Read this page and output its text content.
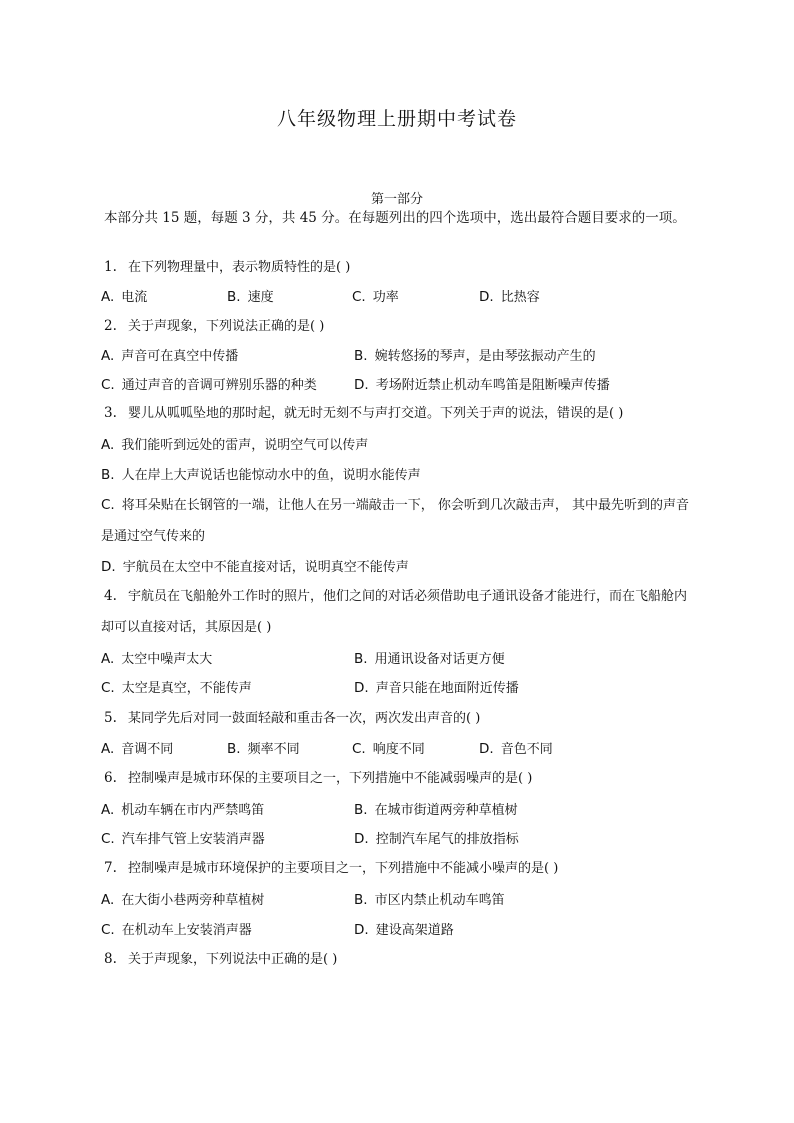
八年级物理上册期中考试卷
第一部分
本部分共 15 题，每题 3 分，共 45 分。在每题列出的四个选项中，选出最符合题目要求的一项。
1. 在下列物理量中，表示物质特性的是( )
A. 电流	B. 速度	C. 功率	D. 比热容
2. 关于声现象，下列说法正确的是( )
A. 声音可在真空中传播	B. 婉转悠扬的琴声，是由琴弦振动产生的
C. 通过声音的音调可辨别乐器的种类	D. 考场附近禁止机动车鸣笛是阻断噪声传播
3. 婴儿从呱呱坠地的那时起，就无时无刻不与声打交道。下列关于声的说法，错误的是( )
A. 我们能听到远处的雷声，说明空气可以传声
B. 人在岸上大声说话也能惊动水中的鱼，说明水能传声
C. 将耳朵贴在长钢管的一端，让他人在另一端敲击一下， 你会听到几次敲击声， 其中最先听到的声音
是通过空气传来的
D. 宇航员在太空中不能直接对话，说明真空不能传声
4. 宇航员在飞船舱外工作时的照片，他们之间的对话必须借助电子通讯设备才能进行，而在飞船舱内
却可以直接对话，其原因是( )
A. 太空中噪声太大	B. 用通讯设备对话更方便
C. 太空是真空，不能传声	D. 声音只能在地面附近传播
5. 某同学先后对同一鼓面轻敲和重击各一次，两次发出声音的( )
A. 音调不同	B. 频率不同	C. 响度不同	D. 音色不同
6. 控制噪声是城市环保的主要项目之一，下列措施中不能减弱噪声的是( )
A. 机动车辆在市内严禁鸣笛	B. 在城市街道两旁种草植树
C. 汽车排气管上安装消声器	D. 控制汽车尾气的排放指标
7. 控制噪声是城市环境保护的主要项目之一，下列措施中不能减小噪声的是( )
A. 在大街小巷两旁种草植树	B. 市区内禁止机动车鸣笛
C. 在机动车上安装消声器	D. 建设高架道路
8. 关于声现象，下列说法中正确的是( )
